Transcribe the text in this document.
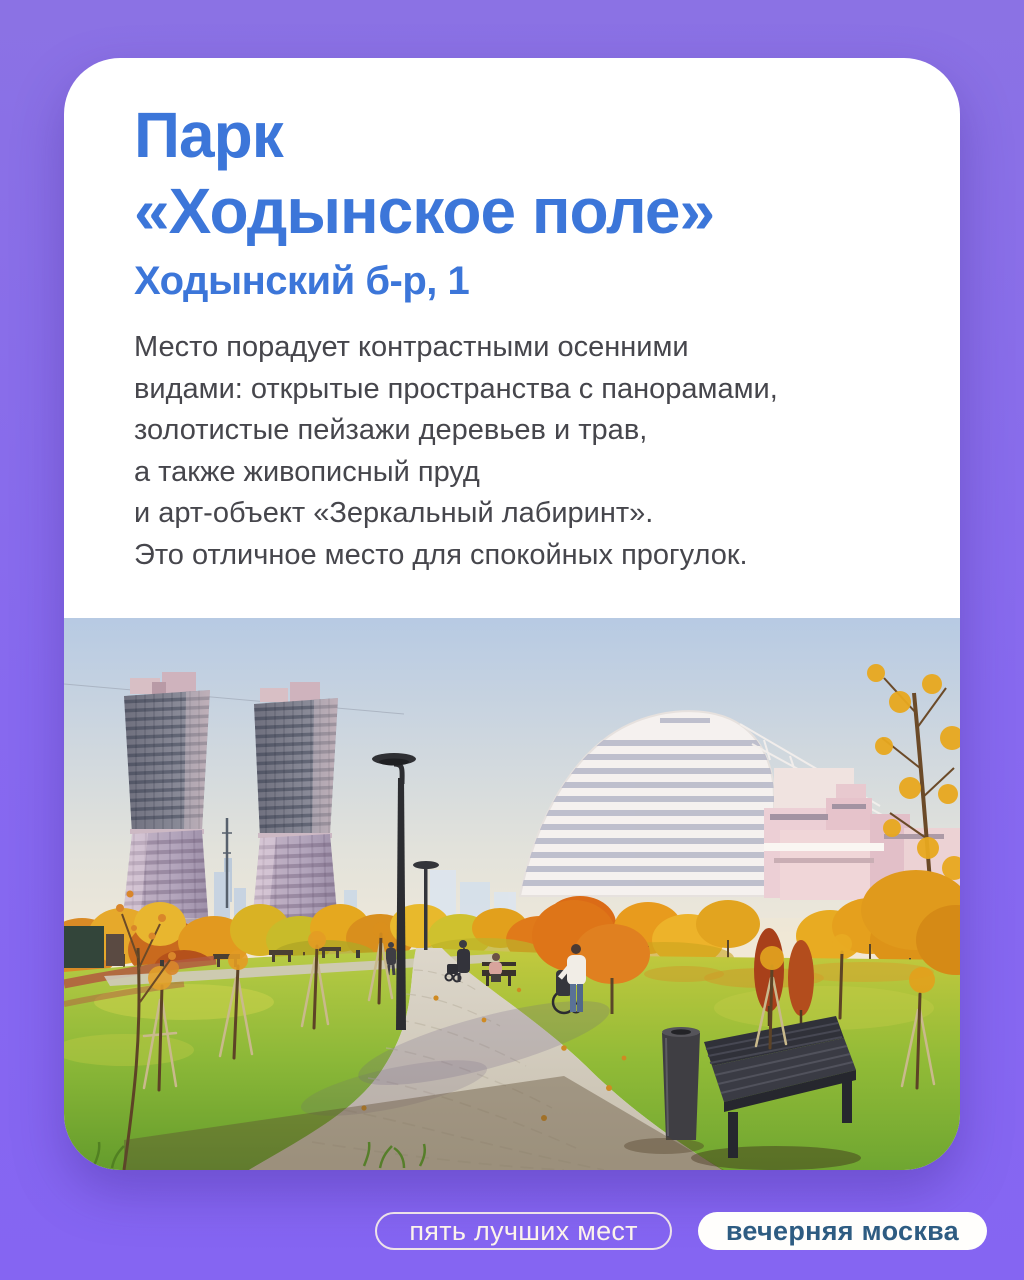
Парк
«Ходынское поле»
Ходынский б-р, 1
Место порадует контрастными осенними
видами: открытые пространства с панорамами,
золотистые пейзажи деревьев и трав,
а также живописный пруд
и арт-объект «Зеркальный лабиринт».
Это отличное место для спокойных прогулок.
пять лучших мест	вечерняя москва
